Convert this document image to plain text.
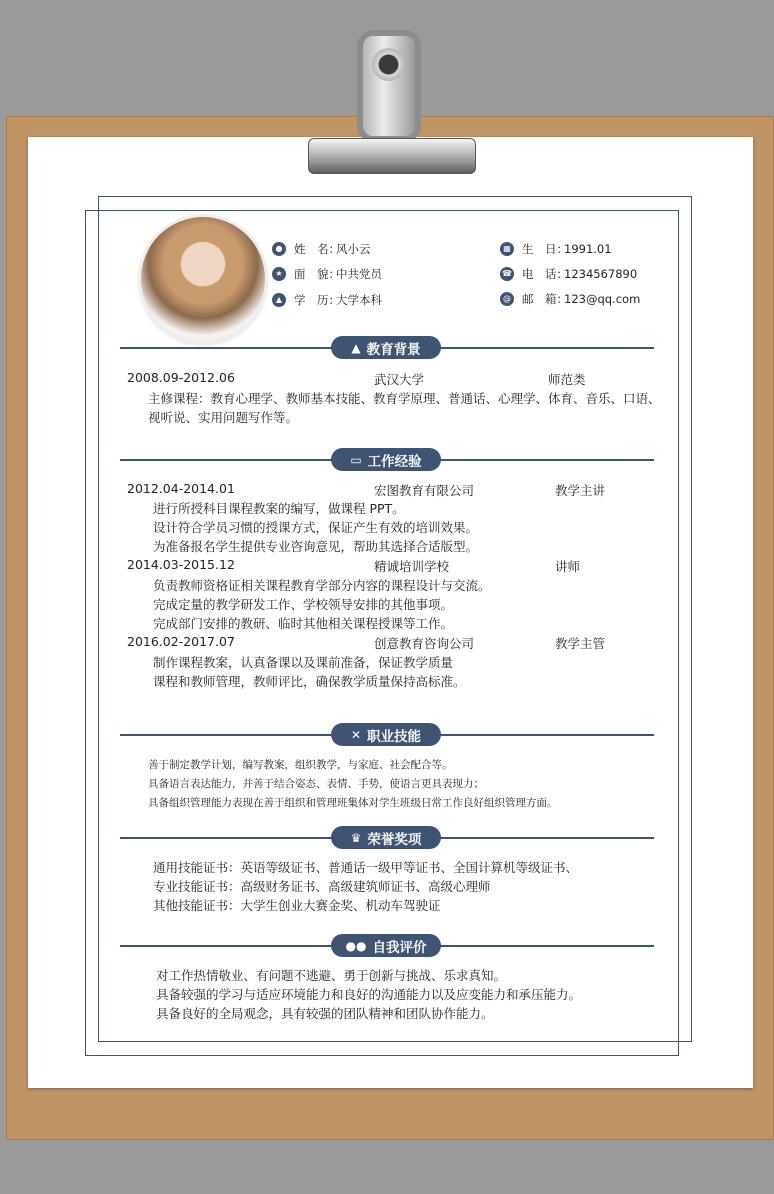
●	姓　名：
风小云
★ 面　貌：
中共党员
▲	学　历：
大学本科
▦ 生　日：
1991.01
☎ 电　话：
1234567890
@ 邮　箱：
123@qq.com
▲ 教育背景
2008.09-2012.06	武汉大学	师范类
主修课程：教育心理学、教师基本技能、教育学原理、普通话、心理学、体育、音乐、口语、
视听说、实用问题写作等。
▭ 工作经验
2012.04-2014.01	宏图教育有限公司	教学主讲
进行所授科目课程教案的编写，做课程 PPT。
设计符合学员习惯的授课方式，保证产生有效的培训效果。
为准备报名学生提供专业咨询意见，帮助其选择合适版型。
2014.03-2015.12	精诚培训学校	讲师
负责教师资格证相关课程教育学部分内容的课程设计与交流。
完成定量的教学研发工作、学校领导安排的其他事项。
完成部门安排的教研、临时其他相关课程授课等工作。
2016.02-2017.07	创意教育咨询公司	教学主管
制作课程教案，认真备课以及课前准备，保证教学质量
课程和教师管理，教师评比，确保教学质量保持高标准。
✕ 职业技能
善于制定教学计划，编写教案，组织教学，与家庭、社会配合等。
具备语言表达能力，并善于结合姿态、表情、手势，使语言更具表现力；
具备组织管理能力表现在善于组织和管理班集体对学生班级日常工作良好组织管理方面。
♛ 荣誉奖项
通用技能证书：英语等级证书、普通话一级甲等证书、全国计算机等级证书、
专业技能证书：高级财务证书、高级建筑师证书、高级心理师
其他技能证书：大学生创业大赛金奖、机动车驾驶证
●● 自我评价
对工作热情敬业、有问题不逃避、勇于创新与挑战、乐求真知。
具备较强的学习与适应环境能力和良好的沟通能力以及应变能力和承压能力。
具备良好的全局观念，具有较强的团队精神和团队协作能力。
